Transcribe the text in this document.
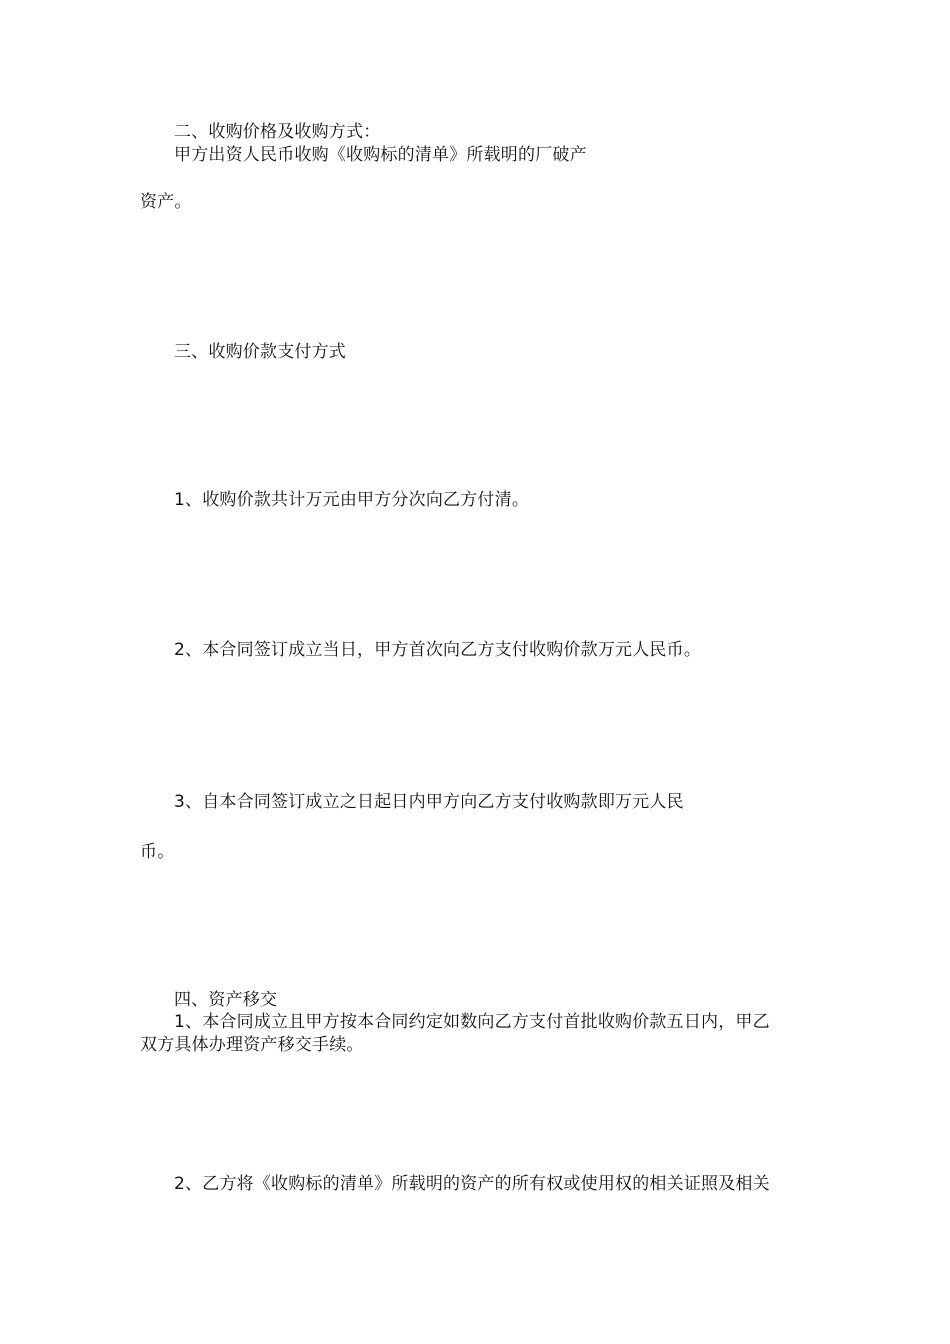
二、收购价格及收购方式：
甲方出资人民币收购《收购标的清单》所载明的厂破产
资产。
三、收购价款支付方式
1、收购价款共计万元由甲方分次向乙方付清。
2、本合同签订成立当日，甲方首次向乙方支付收购价款万元人民币。
3、自本合同签订成立之日起日内甲方向乙方支付收购款即万元人民
币。
四、资产移交
1、本合同成立且甲方按本合同约定如数向乙方支付首批收购价款五日内，甲乙
双方具体办理资产移交手续。
2、乙方将《收购标的清单》所载明的资产的所有权或使用权的相关证照及相关
